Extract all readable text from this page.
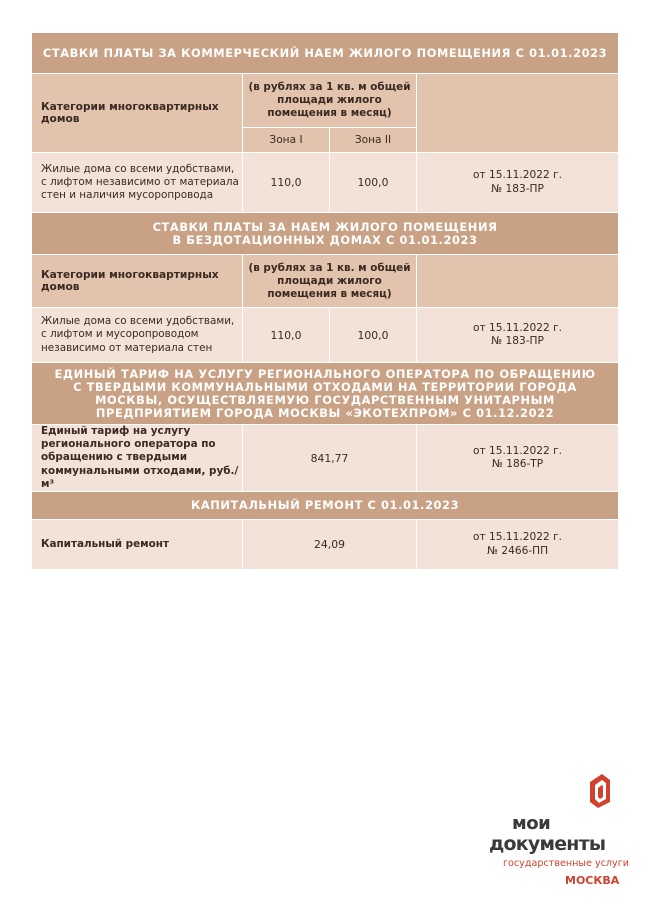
СТАВКИ ПЛАТЫ ЗА КОММЕРЧЕСКИЙ НАЕМ ЖИЛОГО ПОМЕЩЕНИЯ С 01.01.2023			
Категории многоквартирных домов	(в рублях за 1 кв. м общей площади жилого помещения в месяц)		
	Зона I	Зона II	
Жилые дома со всеми удобствами, с лифтом независимо от материала стен и наличия мусоропровода	110,0	100,0	от 15.11.2022 г.
№ 183-ПР

СТАВКИ ПЛАТЫ ЗА НАЕМ ЖИЛОГО ПОМЕЩЕНИЯ
В БЕЗДОТАЦИОННЫХ ДОМАХ С 01.01.2023			

Категории многоквартирных домов	(в рублях за 1 кв. м общей площади жилого помещения в месяц)		
Жилые дома со всеми удобствами, с лифтом и мусоропроводом независимо от материала стен	110,0	100,0	от 15.11.2022 г.
№ 183-ПР

ЕДИНЫЙ ТАРИФ НА УСЛУГУ РЕГИОНАЛЬНОГО ОПЕРАТОРА ПО ОБРАЩЕНИЮ С ТВЕРДЫМИ КОММУНАЛЬНЫМИ ОТХОДАМИ НА ТЕРРИТОРИИ ГОРОДА МОСКВЫ, ОСУЩЕСТВЛЯЕМУЮ ГОСУДАРСТВЕННЫМ УНИТАРНЫМ ПРЕДПРИЯТИЕМ ГОРОДА МОСКВЫ «ЭКОТЕХПРОМ» С 01.12.2022			
Единый тариф на услугу регионального оператора по обращению с твердыми коммунальными отходами, руб./м³	841,77		от 15.11.2022 г.
№ 186-ТР

КАПИТАЛЬНЫЙ РЕМОНТ С 01.01.2023			
Капитальный ремонт	24,09		от 15.11.2022 г.
№ 2466-ПП
мои
документы
государственные услуги
МОСКВА
